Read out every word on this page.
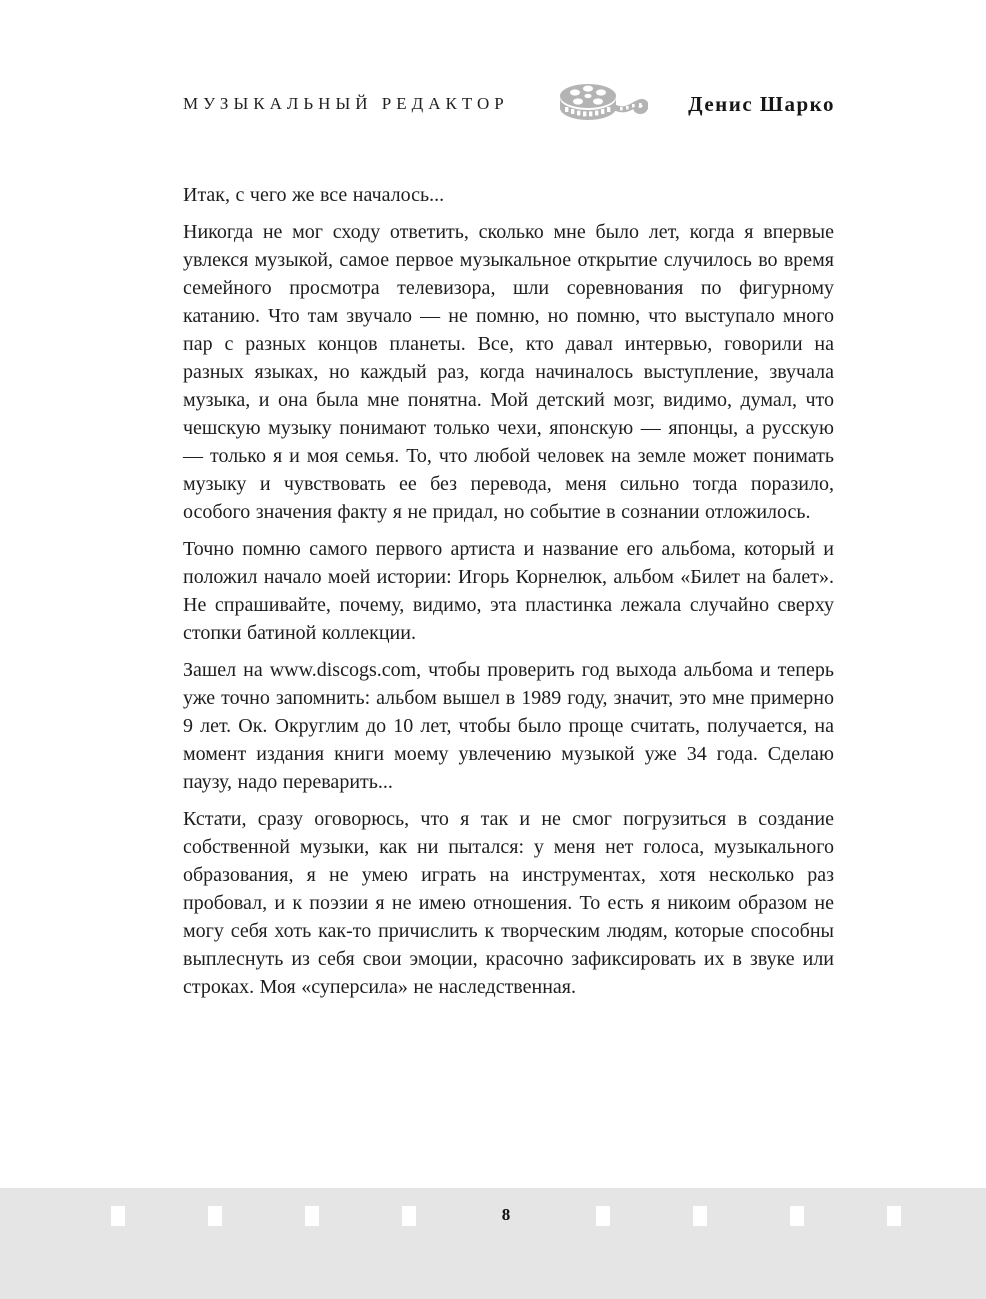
МУЗЫКАЛЬНЫЙ РЕДАКТОР	Денис Шарко

Итак, с чего же все началось...

Никогда не мог сходу ответить, сколько мне было лет, когда я впервые увлекся музыкой, самое первое музыкальное открытие случилось во время семейного просмотра телевизора, шли соревнования по фигурному катанию. Что там звучало — не помню, но помню, что выступало много пар с разных концов планеты. Все, кто давал интервью, говорили на разных языках, но каждый раз, когда начиналось выступление, звучала музыка, и она была мне понятна. Мой детский мозг, видимо, думал, что чешскую музыку понимают только чехи, японскую — японцы, а русскую — только я и моя семья. То, что любой человек на земле может понимать музыку и чувствовать ее без перевода, меня сильно тогда поразило, особого значения факту я не придал, но событие в сознании отложилось.

Точно помню самого первого артиста и название его альбома, который и положил начало моей истории: Игорь Корнелюк, альбом «Билет на балет». Не спрашивайте, почему, видимо, эта пластинка лежала случайно сверху стопки батиной коллекции.

Зашел на www.discogs.com, чтобы проверить год выхода альбома и теперь уже точно запомнить: альбом вышел в 1989 году, значит, это мне примерно 9 лет. Ок. Округлим до 10 лет, чтобы было проще считать, получается, на момент издания книги моему увлечению музыкой уже 34 года. Сделаю паузу, надо переварить...

Кстати, сразу оговорюсь, что я так и не смог погрузиться в создание собственной музыки, как ни пытался: у меня нет голоса, музыкального образования, я не умею играть на инструментах, хотя несколько раз пробовал, и к поэзии я не имею отношения. То есть я никоим образом не могу себя хоть как-то причислить к творческим людям, которые способны выплеснуть из себя свои эмоции, красочно зафиксировать их в звуке или строках. Моя «суперсила» не наследственная.

8
